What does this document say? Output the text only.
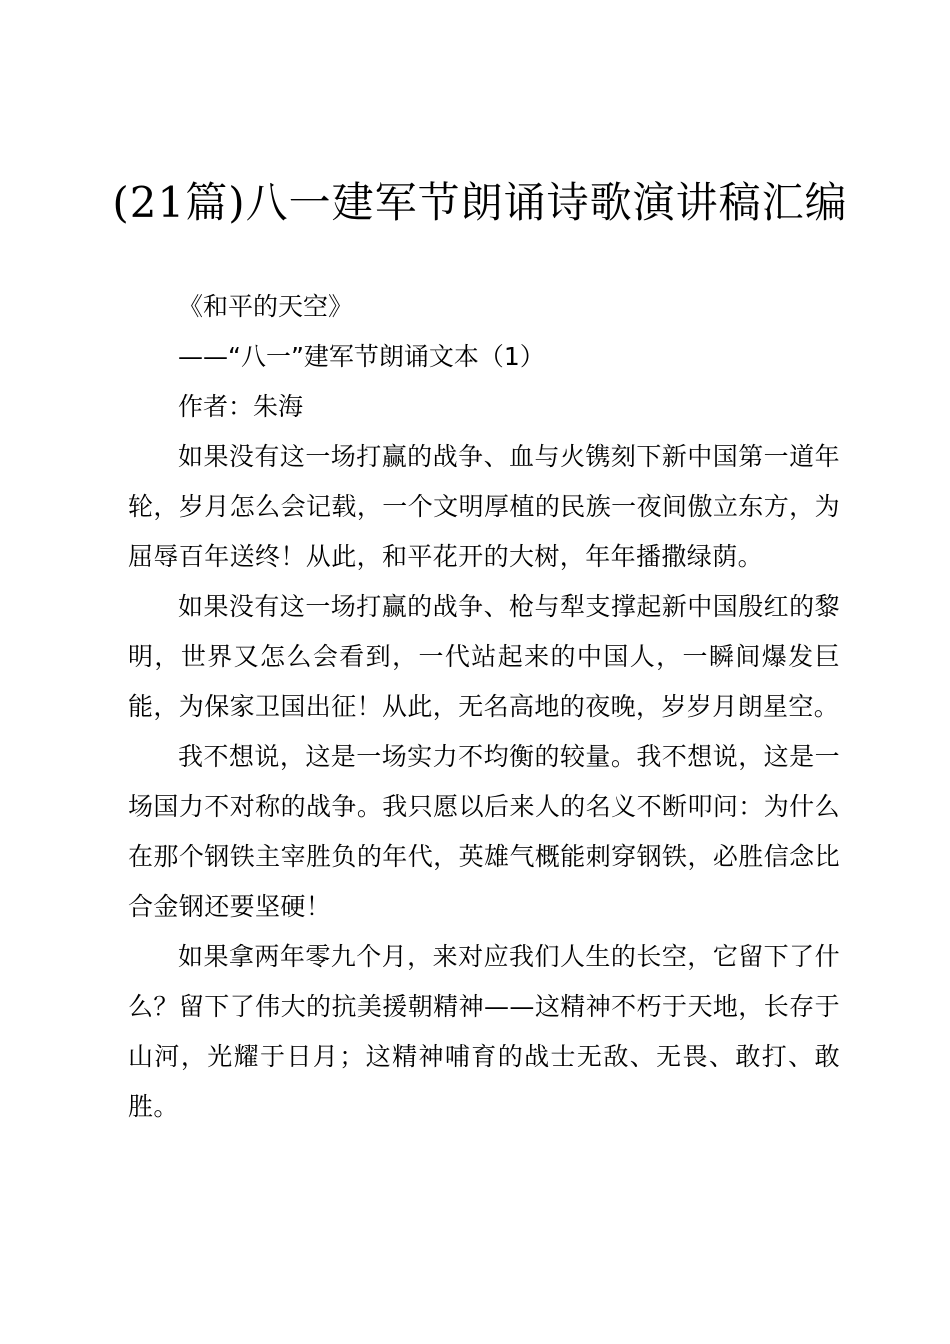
(21篇)八一建军节朗诵诗歌演讲稿汇编

《和平的天空》

——“八一”建军节朗诵文本（1）

作者：朱海

如果没有这一场打赢的战争、血与火镌刻下新中国第一道年轮，岁月怎么会记载，一个文明厚植的民族一夜间傲立东方，为屈辱百年送终！从此，和平花开的大树，年年播撒绿荫。

如果没有这一场打赢的战争、枪与犁支撑起新中国殷红的黎明，世界又怎么会看到，一代站起来的中国人，一瞬间爆发巨能，为保家卫国出征！从此，无名高地的夜晚，岁岁月朗星空。

我不想说，这是一场实力不均衡的较量。我不想说，这是一场国力不对称的战争。我只愿以后来人的名义不断叩问：为什么在那个钢铁主宰胜负的年代，英雄气概能刺穿钢铁，必胜信念比合金钢还要坚硬！

如果拿两年零九个月，来对应我们人生的长空，它留下了什么？留下了伟大的抗美援朝精神——这精神不朽于天地，长存于山河，光耀于日月；这精神哺育的战士无敌、无畏、敢打、敢胜。
